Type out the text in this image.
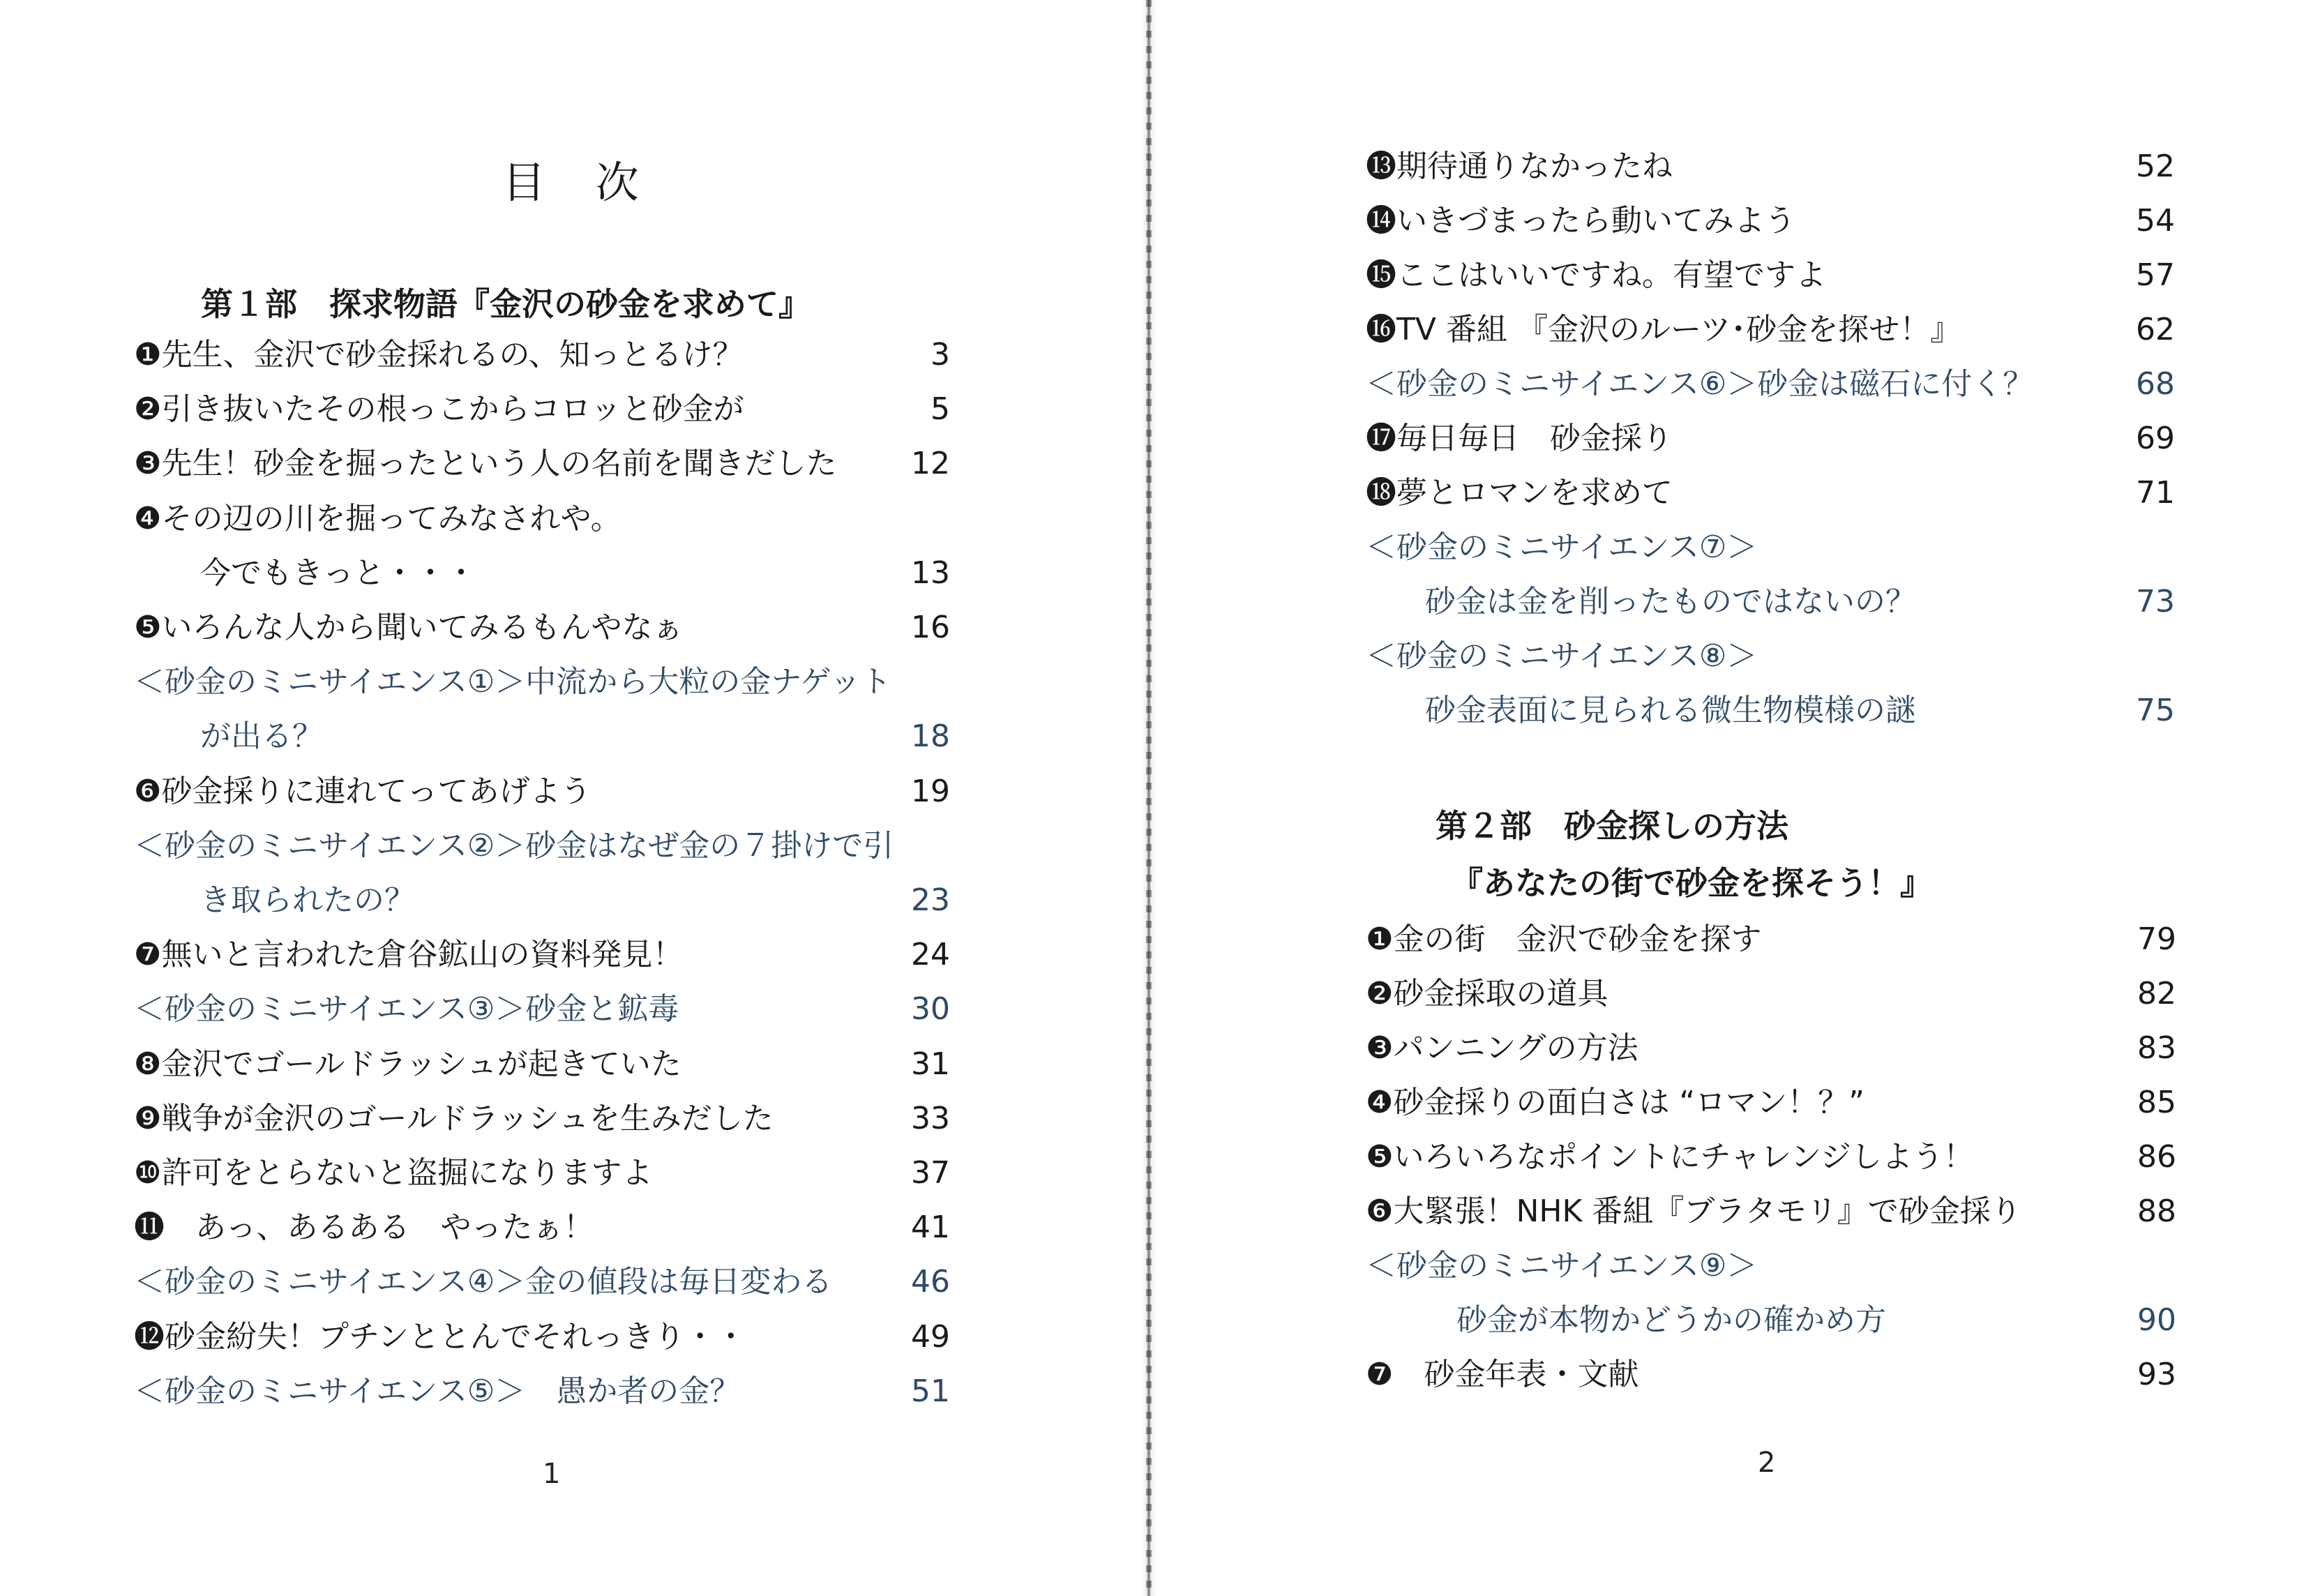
目 次
第１部　探求物語『金沢の砂金を求めて』
❶先生、金沢で砂金採れるの、知っとるけ？	3
❷引き抜いたその根っこからコロッと砂金が	5
❸先生！砂金を掘ったという人の名前を聞きだした	12
❹その辺の川を掘ってみなされや。
今でもきっと・・・	13
❺いろんな人から聞いてみるもんやなぁ	16
＜砂金のミニサイエンス①＞中流から大粒の金ナゲット
が出る？	18
❻砂金採りに連れてってあげよう	19
＜砂金のミニサイエンス②＞砂金はなぜ金の７掛けで引
き取られたの？	23
❼無いと言われた倉谷鉱山の資料発見！	24
＜砂金のミニサイエンス③＞砂金と鉱毒	30
❽金沢でゴールドラッシュが起きていた	31
❾戦争が金沢のゴールドラッシュを生みだした	33
❿許可をとらないと盗掘になりますよ	37
⓫　あっ、あるある　やったぁ！	41
＜砂金のミニサイエンス④＞金の値段は毎日変わる	46
⓬砂金紛失！プチンととんでそれっきり・・	49
＜砂金のミニサイエンス⑤＞　愚か者の金？	51
1
⓭期待通りなかったね	52
⓮いきづまったら動いてみよう	54
⓯ここはいいですね。有望ですよ	57
⓰TV 番組 『金沢のルーツ･砂金を探せ！』	62
＜砂金のミニサイエンス⑥＞砂金は磁石に付く？	68
⓱毎日毎日　砂金採り	69
⓲夢とロマンを求めて	71
＜砂金のミニサイエンス⑦＞
砂金は金を削ったものではないの？	73
＜砂金のミニサイエンス⑧＞
砂金表面に見られる微生物模様の謎	75
第２部　砂金探しの方法
『あなたの街で砂金を探そう！』
❶金の街　金沢で砂金を探す	79
❷砂金採取の道具	82
❸パンニングの方法	83
❹砂金採りの面白さは “ロマン！？”	85
❺いろいろなポイントにチャレンジしよう！	86
❻大緊張！NHK 番組『ブラタモリ』で砂金採り	88
＜砂金のミニサイエンス⑨＞
砂金が本物かどうかの確かめ方	90
❼　砂金年表・文献	93
2
